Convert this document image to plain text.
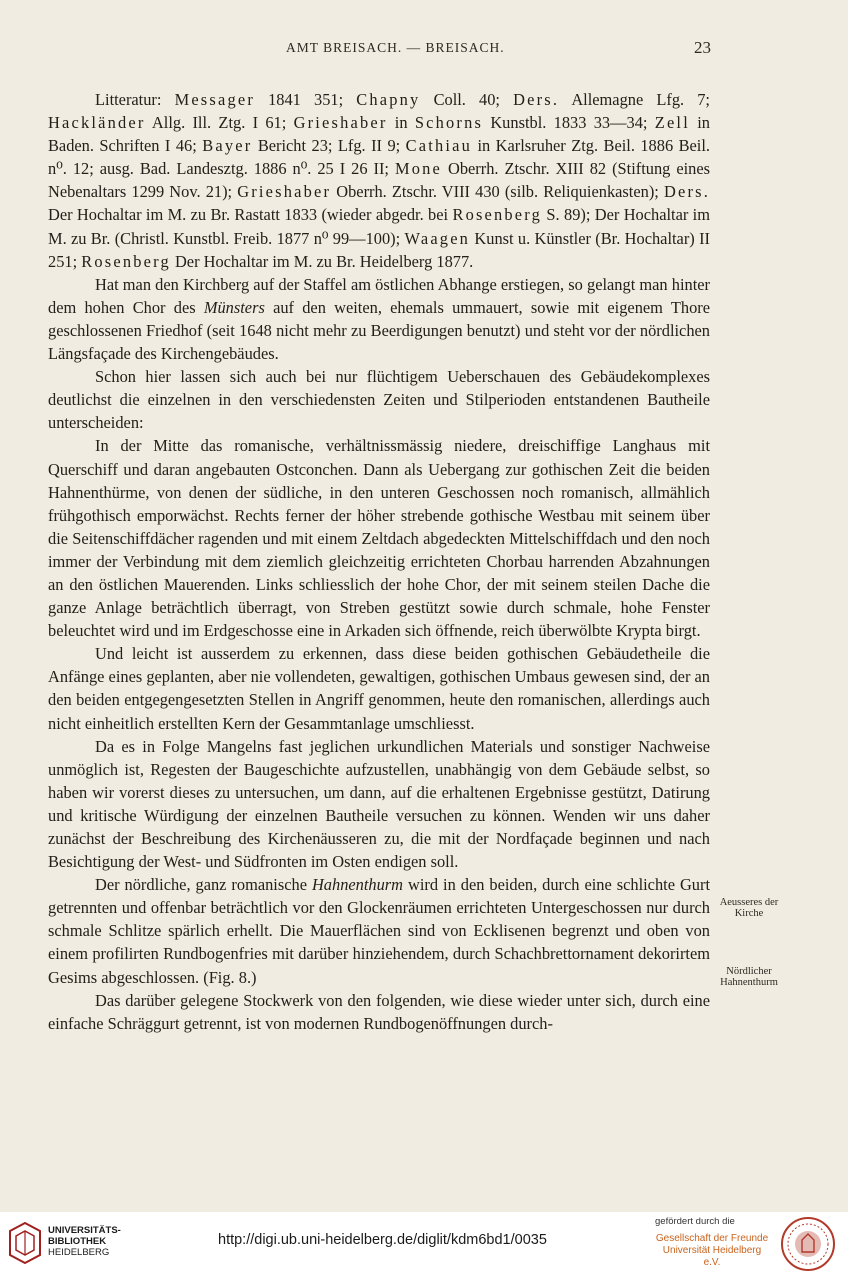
AMT BREISACH. — BREISACH.	23

Litteratur: Messager 1841 351; Chapny Coll. 40; Ders. Allemagne Lfg. 7; Hackländer Allg. Ill. Ztg. I 61; Grieshaber in Schorns Kunstbl. 1833 33—34; Zell in Baden. Schriften I 46; Bayer Bericht 23; Lfg. II 9; Cathiau in Karlsruher Ztg. Beil. 1886 Beil. n⁰. 12; ausg. Bad. Landesztg. 1886 n⁰. 25 I 26 II; Mone Oberrh. Ztschr. XIII 82 (Stiftung eines Nebenaltars 1299 Nov. 21); Grieshaber Oberrh. Ztschr. VIII 430 (silb. Reliquienkasten); Ders. Der Hochaltar im M. zu Br. Rastatt 1833 (wieder abgedr. bei Rosenberg S. 89); Der Hochaltar im M. zu Br. (Christl. Kunstbl. Freib. 1877 n⁰ 99—100); Waagen Kunst u. Künstler (Br. Hochaltar) II 251; Rosenberg Der Hochaltar im M. zu Br. Heidelberg 1877.

Hat man den Kirchberg auf der Staffel am östlichen Abhange erstiegen, so gelangt man hinter dem hohen Chor des Münsters auf den weiten, ehemals ummauert, sowie mit eigenem Thore geschlossenen Friedhof (seit 1648 nicht mehr zu Beerdigungen benutzt) und steht vor der nördlichen Längsfaçade des Kirchengebäudes.

Schon hier lassen sich auch bei nur flüchtigem Ueberschauen des Gebäudekomplexes deutlichst die einzelnen in den verschiedensten Zeiten und Stilperioden entstandenen Bautheile unterscheiden:

In der Mitte das romanische, verhältnissmässig niedere, dreischiffige Langhaus mit Querschiff und daran angebauten Ostconchen. Dann als Uebergang zur gothischen Zeit die beiden Hahnenthürme, von denen der südliche, in den unteren Geschossen noch romanisch, allmählich frühgothisch emporwächst. Rechts ferner der höher strebende gothische Westbau mit seinem über die Seitenschiffdächer ragenden und mit einem Zeltdach abgedeckten Mittelschiffdach und den noch immer der Verbindung mit dem ziemlich gleichzeitig errichteten Chorbau harrenden Abzahnungen an den östlichen Mauerenden. Links schliesslich der hohe Chor, der mit seinem steilen Dache die ganze Anlage beträchtlich überragt, von Streben gestützt sowie durch schmale, hohe Fenster beleuchtet wird und im Erdgeschosse eine in Arkaden sich öffnende, reich überwölbte Krypta birgt.

Und leicht ist ausserdem zu erkennen, dass diese beiden gothischen Gebäudetheile die Anfänge eines geplanten, aber nie vollendeten, gewaltigen, gothischen Umbaus gewesen sind, der an den beiden entgegengesetzten Stellen in Angriff genommen, heute den romanischen, allerdings auch nicht einheitlich erstellten Kern der Gesammtanlage umschliesst.

Da es in Folge Mangelns fast jeglichen urkundlichen Materials und sonstiger Nachweise unmöglich ist, Regesten der Baugeschichte aufzustellen, unabhängig von dem Gebäude selbst, so haben wir vorerst dieses zu untersuchen, um dann, auf die erhaltenen Ergebnisse gestützt, Datirung und kritische Würdigung der einzelnen Bautheile versuchen zu können. Wenden wir uns daher zunächst der Beschreibung des Kirchenäusseren zu, die mit der Nordfaçade beginnen und nach Besichtigung der West- und Südfronten im Osten endigen soll.

Der nördliche, ganz romanische Hahnenthurm wird in den beiden, durch eine schlichte Gurt getrennten und offenbar beträchtlich vor den Glockenräumen errichteten Untergeschossen nur durch schmale Schlitze spärlich erhellt. Die Mauerflächen sind von Ecklisenen begrenzt und oben von einem profilirten Rundbogenfries mit darüber hinziehendem, durch Schachbrettornament dekorirtem Gesims abgeschlossen. (Fig. 8.)

Das darüber gelegene Stockwerk von den folgenden, wie diese wieder unter sich, durch eine einfache Schräggurt getrennt, ist von modernen Rundbogenöffnungen durch-

Aeusseres der
Kirche
Nördlicher
Hahnenthurm
UNIVERSITÄTS-
BIBLIOTHEK
HEIDELBERG
http://digi.ub.uni-heidelberg.de/diglit/kdm6bd1/0035
gefördert durch die
Gesellschaft der Freunde
Universität Heidelberg e.V.
